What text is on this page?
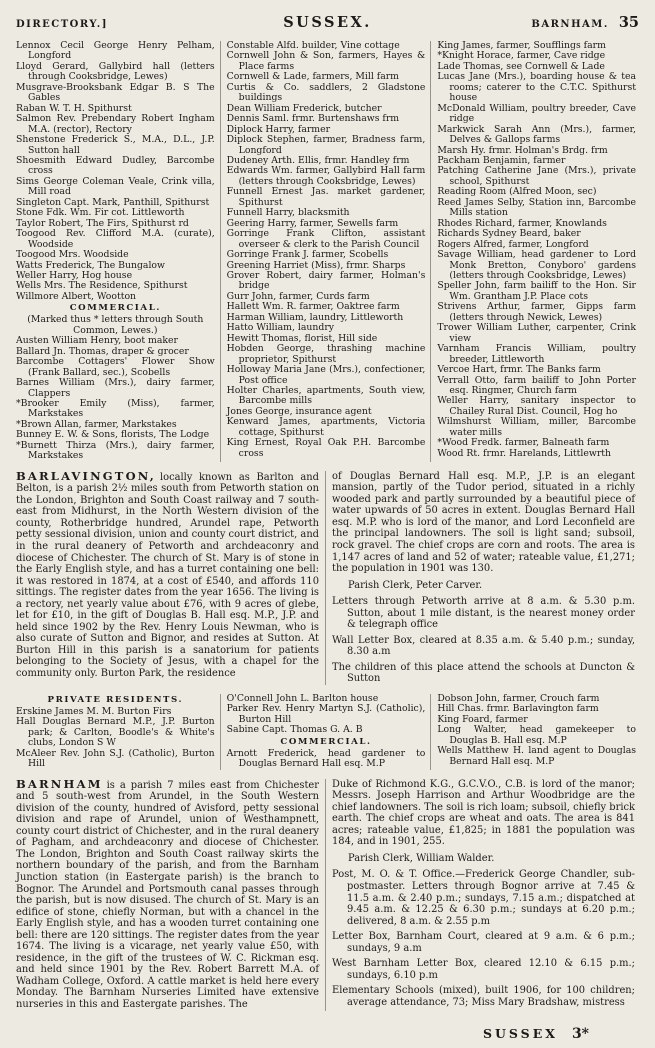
DIRECTORY.]	SUSSEX.	BARNHAM. 35

Lennox Cecil George Henry Pelham, Longford

Lloyd Gerard, Gallybird hall (letters through Cooksbridge, Lewes)

Musgrave-Brooksbank Edgar B. S The Gables

Raban W. T. H. Spithurst

Salmon Rev. Prebendary Robert Ingham M.A. (rector), Rectory

Shenstone Frederick S., M.A., D.L., J.P. Sutton hall

Shoesmith Edward Dudley, Barcombe cross

Sims George Coleman Veale, Crink villa, Mill road

Singleton Capt. Mark, Panthill, Spithurst

Stone Fdk. Wm. Fir cot. Littleworth

Taylor Robert, The Firs, Spithurst rd

Toogood Rev. Clifford M.A. (curate), Woodside

Toogood Mrs. Woodside

Watts Frederick, The Bungalow

Weller Harry, Hog house

Wells Mrs. The Residence, Spithurst

Willmore Albert, Wootton

COMMERCIAL.

(Marked thus * letters through South Common, Lewes.)

Austen William Henry, boot maker

Ballard Jn. Thomas, draper & grocer

Barcombe Cottagers' Flower Show (Frank Ballard, sec.), Scobells

Barnes William (Mrs.), dairy farmer, Clappers

*Brooker Emily (Miss), farmer, Markstakes

*Brown Allan, farmer, Markstakes

Bunney E. W. & Sons, florists, The Lodge

*Burnett Thirza (Mrs.), dairy farmer, Markstakes

Constable Alfd. builder, Vine cottage

Cornwell John & Son, farmers, Hayes & Place farms

Cornwell & Lade, farmers, Mill farm

Curtis & Co. saddlers, 2 Gladstone buildings

Dean William Frederick, butcher

Dennis Saml. frmr. Burtenshaws frm

Diplock Harry, farmer

Diplock Stephen, farmer, Bradness farm, Longford

Dudeney Arth. Ellis, frmr. Handley frm

Edwards Wm. farmer, Gallybird Hall farm (letters through Cooksbridge, Lewes)

Funnell Ernest Jas. market gardener, Spithurst

Funnell Harry, blacksmith

Geering Harry, farmer, Sewells farm

Gorringe Frank Clifton, assistant overseer & clerk to the Parish Council

Gorringe Frank J. farmer, Scobells

Greening Harriet (Miss), frmr. Sharps

Grover Robert, dairy farmer, Holman's bridge

Gurr John, farmer, Curds farm

Hallett Wm. R. farmer, Oaktree farm

Harman William, laundry, Littleworth

Hatto William, laundry

Hewitt Thomas, florist, Hill side

Hobden George, thrashing machine proprietor, Spithurst

Holloway Maria Jane (Mrs.), confectioner, Post office

Holter Charles, apartments, South view, Barcombe mills

Jones George, insurance agent

Kenward James, apartments, Victoria cottage, Spithurst

King Ernest, Royal Oak P.H. Barcombe cross

King James, farmer, Soufflings farm

*Knight Horace, farmer, Cave ridge

Lade Thomas, see Cornwell & Lade

Lucas Jane (Mrs.), boarding house & tea rooms; caterer to the C.T.C. Spithurst house

McDonald William, poultry breeder, Cave ridge

Markwick Sarah Ann (Mrs.), farmer, Delves & Gallops farms

Marsh Hy. frmr. Holman's Brdg. frm

Packham Benjamin, farmer

Patching Catherine Jane (Mrs.), private school, Spithurst

Reading Room (Alfred Moon, sec)

Reed James Selby, Station inn, Barcombe Mills station

Rhodes Richard, farmer, Knowlands

Richards Sydney Beard, baker

Rogers Alfred, farmer, Longford

Savage William, head gardener to Lord Monk Bretton, Conyboro' gardens (letters through Cooksbridge, Lewes)

Speller John, farm bailiff to the Hon. Sir Wm. Grantham J.P. Place cots

Strivens Arthur, farmer, Gipps farm (letters through Newick, Lewes)

Trower William Luther, carpenter, Crink view

Varnham Francis William, poultry breeder, Littleworth

Vercoe Hart, frmr. The Banks farm

Verrall Otto, farm bailiff to John Porter esq. Ringmer, Church farm

Weller Harry, sanitary inspector to Chailey Rural Dist. Council, Hog ho

Wilmshurst William, miller, Barcombe water mills

*Wood Fredk. farmer, Balneath farm

Wood Rt. frmr. Harelands, Littlewrth

BARLAVINGTON, locally known as Barlton and Belton, is a parish 2½ miles south from Petworth station on the London, Brighton and South Coast railway and 7 south-east from Midhurst, in the North Western division of the county, Rotherbridge hundred, Arundel rape, Petworth petty sessional division, union and county court district, and in the rural deanery of Petworth and archdeaconry and diocese of Chichester. The church of St. Mary is of stone in the Early English style, and has a turret containing one bell: it was restored in 1874, at a cost of £540, and affords 110 sittings. The register dates from the year 1656. The living is a rectory, net yearly value about £76, with 9 acres of glebe, let for £10, in the gift of Douglas B. Hall esq. M.P., J.P. and held since 1902 by the Rev. Henry Louis Newman, who is also curate of Sutton and Bignor, and resides at Sutton. At Burton Hill in this parish is a sanatorium for patients belonging to the Society of Jesus, with a chapel for the community only. Burton Park, the residence

of Douglas Bernard Hall esq. M.P., J.P. is an elegant mansion, partly of the Tudor period, situated in a richly wooded park and partly surrounded by a beautiful piece of water upwards of 50 acres in extent. Douglas Bernard Hall esq. M.P. who is lord of the manor, and Lord Leconfield are the principal landowners. The soil is light sand; subsoil, rock gravel. The chief crops are corn and roots. The area is 1,147 acres of land and 52 of water; rateable value, £1,271; the population in 1901 was 130.

Parish Clerk, Peter Carver.

Letters through Petworth arrive at 8 a.m. & 5.30 p.m. Sutton, about 1 mile distant, is the nearest money order & telegraph office

Wall Letter Box, cleared at 8.35 a.m. & 5.40 p.m.; sunday, 8.30 a.m

The children of this place attend the schools at Duncton & Sutton

PRIVATE RESIDENTS.

Erskine James M. M. Burton Firs

Hall Douglas Bernard M.P., J.P. Burton park; & Carlton, Boodle's & White's clubs, London S W

McAleer Rev. John S.J. (Catholic), Burton Hill

O'Connell John L. Barlton house

Parker Rev. Henry Martyn S.J. (Catholic), Burton Hill

Sabine Capt. Thomas G. A. B

COMMERCIAL.

Arnott Frederick, head gardener to Douglas Bernard Hall esq. M.P

Dobson John, farmer, Crouch farm

Hill Chas. frmr. Barlavington farm

King Foard, farmer

Long Walter, head gamekeeper to Douglas B. Hall esq. M.P

Wells Matthew H. land agent to Douglas Bernard Hall esq. M.P

BARNHAM is a parish 7 miles east from Chichester and 5 south-west from Arundel, in the South Western division of the county, hundred of Avisford, petty sessional division and rape of Arundel, union of Westhampnett, county court district of Chichester, and in the rural deanery of Pagham, and archdeaconry and diocese of Chichester. The London, Brighton and South Coast railway skirts the northern boundary of the parish, and from the Barnham Junction station (in Eastergate parish) is the branch to Bognor. The Arundel and Portsmouth canal passes through the parish, but is now disused. The church of St. Mary is an edifice of stone, chiefly Norman, but with a chancel in the Early English style, and has a wooden turret containing one bell: there are 120 sittings. The register dates from the year 1674. The living is a vicarage, net yearly value £50, with residence, in the gift of the trustees of W. C. Rickman esq. and held since 1901 by the Rev. Robert Barrett M.A. of Wadham College, Oxford. A cattle market is held here every Monday. The Barnham Nurseries Limited have extensive nurseries in this and Eastergate parishes. The

Duke of Richmond K.G., G.C.V.O., C.B. is lord of the manor; Messrs. Joseph Harrison and Arthur Woodbridge are the chief landowners. The soil is rich loam; subsoil, chiefly brick earth. The chief crops are wheat and oats. The area is 841 acres; rateable value, £1,825; in 1881 the population was 184, and in 1901, 255.

Parish Clerk, William Walder.

Post, M. O. & T. Office.—Frederick George Chandler, sub-postmaster. Letters through Bognor arrive at 7.45 & 11.5 a.m. & 2.40 p.m.; sundays, 7.15 a.m.; dispatched at 9.45 a.m. & 12.25 & 6.30 p.m.; sundays at 6.20 p.m.; delivered, 8 a.m. & 2.55 p.m

Letter Box, Barnham Court, cleared at 9 a.m. & 6 p.m.; sundays, 9 a.m

West Barnham Letter Box, cleared 12.10 & 6.15 p.m.; sundays, 6.10 p.m

Elementary Schools (mixed), built 1906, for 100 children; average attendance, 73; Miss Mary Bradshaw, mistress

SUSSEX 3*
